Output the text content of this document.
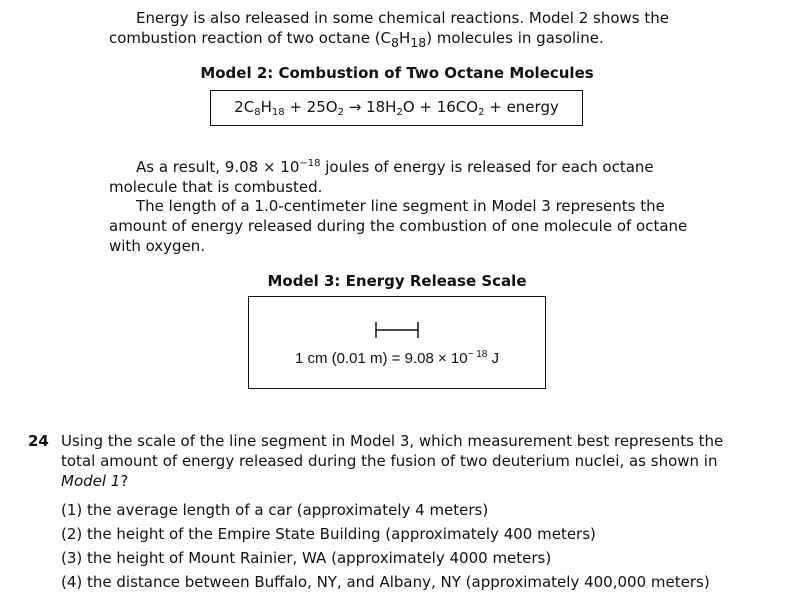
Energy is also released in some chemical reactions. Model 2 shows the
combustion reaction of two octane $(C_8H_{18})$ molecules in gasoline.
Model 2: Combustion of Two Octane Molecules
$2C_8H_{18} + 25O_2 \to 18H_2O + 16CO_2$ + energy
As a result, $9.08 \times 10^{-18}$ joules of energy is released for each octane
molecule that is combusted.
The length of a 1.0-centimeter line segment in Model 3 represents the
amount of energy released during the combustion of one molecule of octane
with oxygen.
Model 3: Energy Release Scale
1 cm (0.01 $m) = 9.08 \times 10^{- 18}$ J
24 Using the scale of the line segment in Model 3, which measurement best represents the
total amount of energy released during the fusion of two deuterium nuclei, as shown in
Model 1?
(1) the average length of a car (approximately 4 meters)
(2) the height of the Empire State Building (approximately 400 meters)
(3) the height of Mount Rainier, WA (approximately 4000 meters)
(4) the distance between Buffalo, NY, and Albany, NY (approximately 400,000 meters)
